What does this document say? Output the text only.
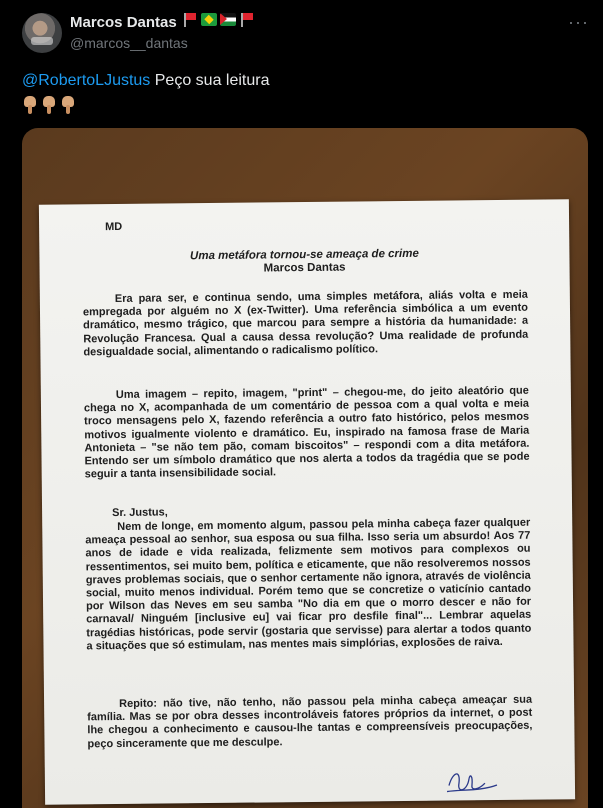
Marcos Dantas
@marcos__dantas
···
@RobertoLJustus Peço sua leitura
MD
Uma metáfora tornou-se ameaça de crime
Marcos Dantas
Era para ser, e continua sendo, uma simples metáfora, aliás volta e meia empregada por alguém no X (ex-Twitter). Uma referência simbólica a um evento dramático, mesmo trágico, que marcou para sempre a história da humanidade: a Revolução Francesa. Qual a causa dessa revolução? Uma realidade de profunda desigualdade social, alimentando o radicalismo político.
Uma imagem – repito, imagem, "print" – chegou-me, do jeito aleatório que chega no X, acompanhada de um comentário de pessoa com a qual volta e meia troco mensagens pelo X, fazendo referência a outro fato histórico, pelos mesmos motivos igualmente violento e dramático. Eu, inspirado na famosa frase de Maria Antonieta – "se não tem pão, comam biscoitos" – respondi com a dita metáfora. Entendo ser um símbolo dramático que nos alerta a todos da tragédia que se pode seguir a tanta insensibilidade social.
Sr. Justus,
Nem de longe, em momento algum, passou pela minha cabeça fazer qualquer ameaça pessoal ao senhor, sua esposa ou sua filha. Isso seria um absurdo! Aos 77 anos de idade e vida realizada, felizmente sem motivos para complexos ou ressentimentos, sei muito bem, política e eticamente, que não resolveremos nossos graves problemas sociais, que o senhor certamente não ignora, através de violência social, muito menos individual. Porém temo que se concretize o vaticínio cantado por Wilson das Neves em seu samba "No dia em que o morro descer e não for carnaval/ Ninguém [inclusive eu] vai ficar pro desfile final"... Lembrar aquelas tragédias históricas, pode servir (gostaria que servisse) para alertar a todos quanto a situações que só estimulam, nas mentes mais simplórias, explosões de raiva.
Repito: não tive, não tenho, não passou pela minha cabeça ameaçar sua família. Mas se por obra desses incontroláveis fatores próprios da internet, o post lhe chegou a conhecimento e causou-lhe tantas e compreensíveis preocupações, peço sinceramente que me desculpe.
